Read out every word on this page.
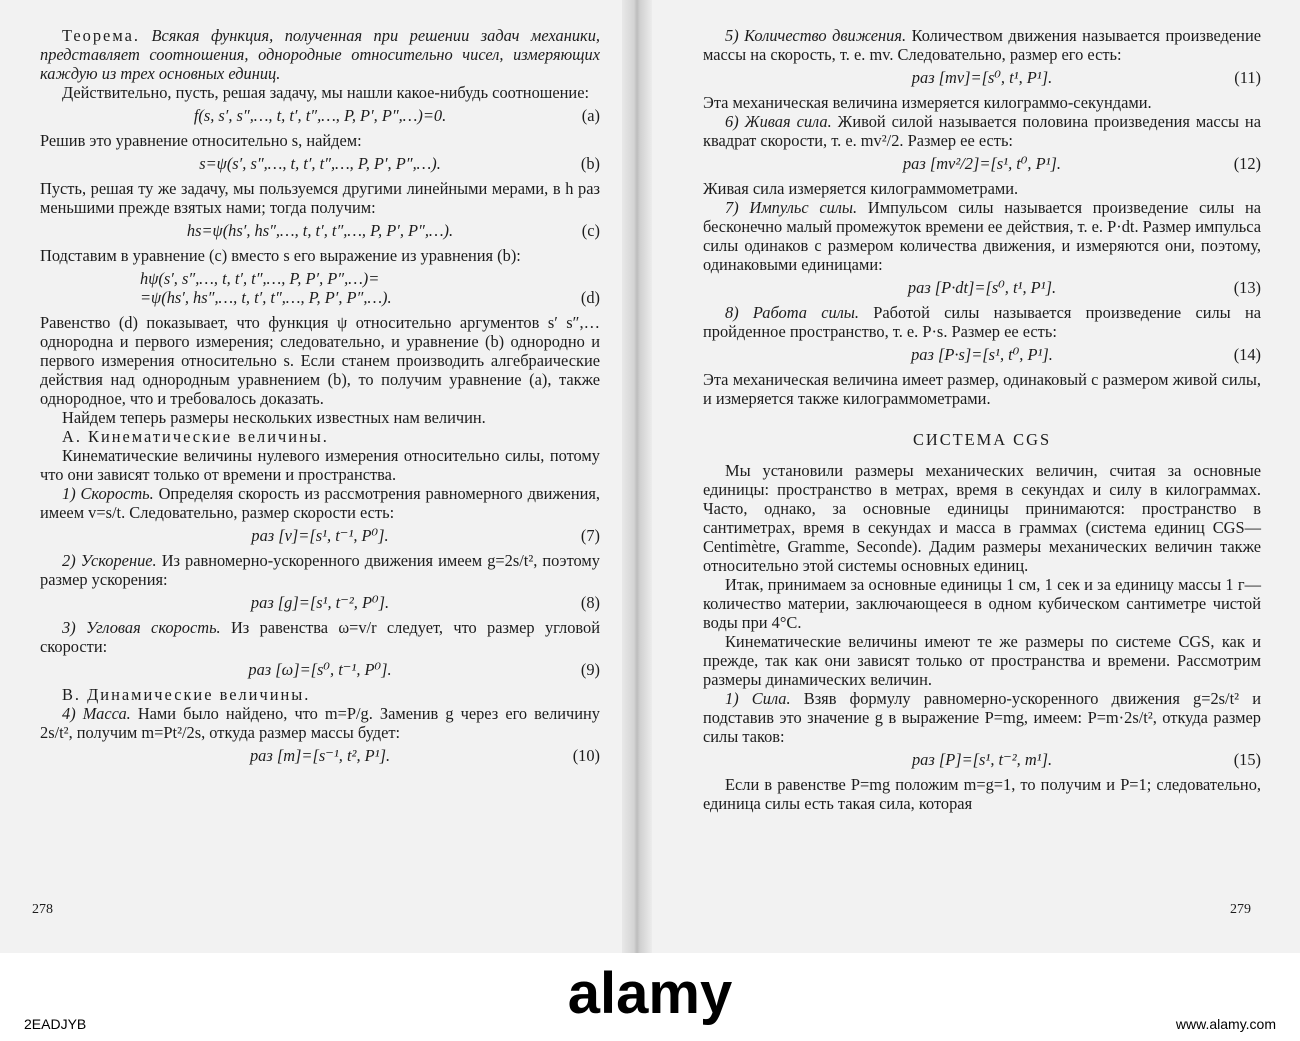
Теорема. Всякая функция, полученная при решении задач механики, представляет соотношения, однородные относительно чисел, измеряющих каждую из трех основных единиц.

Действительно, пусть, решая задачу, мы нашли какое-нибудь соотношение:

f(s, s′, s″,…, t, t′, t″,…, P, P′, P″,…)=0.	(a)

Решив это уравнение относительно s, найдем:

s=ψ(s′, s″,…, t, t′, t″,…, P, P′, P″,…).	(b)

Пусть, решая ту же задачу, мы пользуемся другими линейными мерами, в h раз меньшими прежде взятых нами; тогда получим:

hs=ψ(hs′, hs″,…, t, t′, t″,…, P, P′, P″,…).	(c)

Подставим в уравнение (c) вместо s его выражение из уравнения (b):

hψ(s′, s″,…, t, t′, t″,…, P, P′, P″,…)=
=ψ(hs′, hs″,…, t, t′, t″,…, P, P′, P″,…).	(d)

Равенство (d) показывает, что функция ψ относительно аргументов s′ s″,… однородна и первого измерения; следовательно, и уравнение (b) однородно и первого измерения относительно s. Если станем производить алгебраические действия над однородным уравнением (b), то получим уравнение (a), также однородное, что и требовалось доказать.

Найдем теперь размеры нескольких известных нам величин.

А. Кинематические величины.

Кинематические величины нулевого измерения относительно силы, потому что они зависят только от времени и пространства.

1) Скорость. Определяя скорость из рассмотрения равномерного движения, имеем v=s/t. Следовательно, размер скорости есть:

раз [v]=[s¹, t⁻¹, P⁰].	(7)

2) Ускорение. Из равномерно-ускоренного движения имеем g=2s/t², поэтому размер ускорения:

раз [g]=[s¹, t⁻², P⁰].	(8)

3) Угловая скорость. Из равенства ω=v/r следует, что размер угловой скорости:

раз [ω]=[s⁰, t⁻¹, P⁰].	(9)

B. Динамические величины.

4) Масса. Нами было найдено, что m=P/g. Заменив g через его величину 2s/t², получим m=Pt²/2s, откуда размер массы будет:

раз [m]=[s⁻¹, t², P¹].	(10)
278

5) Количество движения. Количеством движения называется произведение массы на скорость, т. е. mv. Следовательно, размер его есть:

раз [mv]=[s⁰, t¹, P¹].	(11)

Эта механическая величина измеряется килограммо-секундами.

6) Живая сила. Живой силой называется половина произведения массы на квадрат скорости, т. е. mv²/2. Размер ее есть:

раз [mv²/2]=[s¹, t⁰, P¹].	(12)

Живая сила измеряется килограммометрами.

7) Импульс силы. Импульсом силы называется произведение силы на бесконечно малый промежуток времени ее действия, т. е. P·dt. Размер импульса силы одинаков с размером количества движения, и измеряются они, поэтому, одинаковыми единицами:

раз [P·dt]=[s⁰, t¹, P¹].	(13)

8) Работа силы. Работой силы называется произведение силы на пройденное пространство, т. е. P·s. Размер ее есть:

раз [P·s]=[s¹, t⁰, P¹].	(14)

Эта механическая величина имеет размер, одинаковый с размером живой силы, и измеряется также килограммометрами.

СИСТЕМА CGS

Мы установили размеры механических величин, считая за основные единицы: пространство в метрах, время в секундах и силу в килограммах. Часто, однако, за основные единицы принимаются: пространство в сантиметрах, время в секундах и масса в граммах (система единиц CGS—Centimètre, Gramme, Seconde). Дадим размеры механических величин также относительно этой системы основных единиц.

Итак, принимаем за основные единицы 1 см, 1 сек и за единицу массы 1 г—количество материи, заключающееся в одном кубическом сантиметре чистой воды при 4°С.

Кинематические величины имеют те же размеры по системе CGS, как и прежде, так как они зависят только от пространства и времени. Рассмотрим размеры динамических величин.

1) Сила. Взяв формулу равномерно-ускоренного движения g=2s/t² и подставив это значение g в выражение P=mg, имеем: P=m·2s/t², откуда размер силы таков:

раз [P]=[s¹, t⁻², m¹].	(15)

Если в равенстве P=mg положим m=g=1, то получим и P=1; следовательно, единица силы есть такая сила, которая

279
alamy
2EADJYB	www.alamy.com
